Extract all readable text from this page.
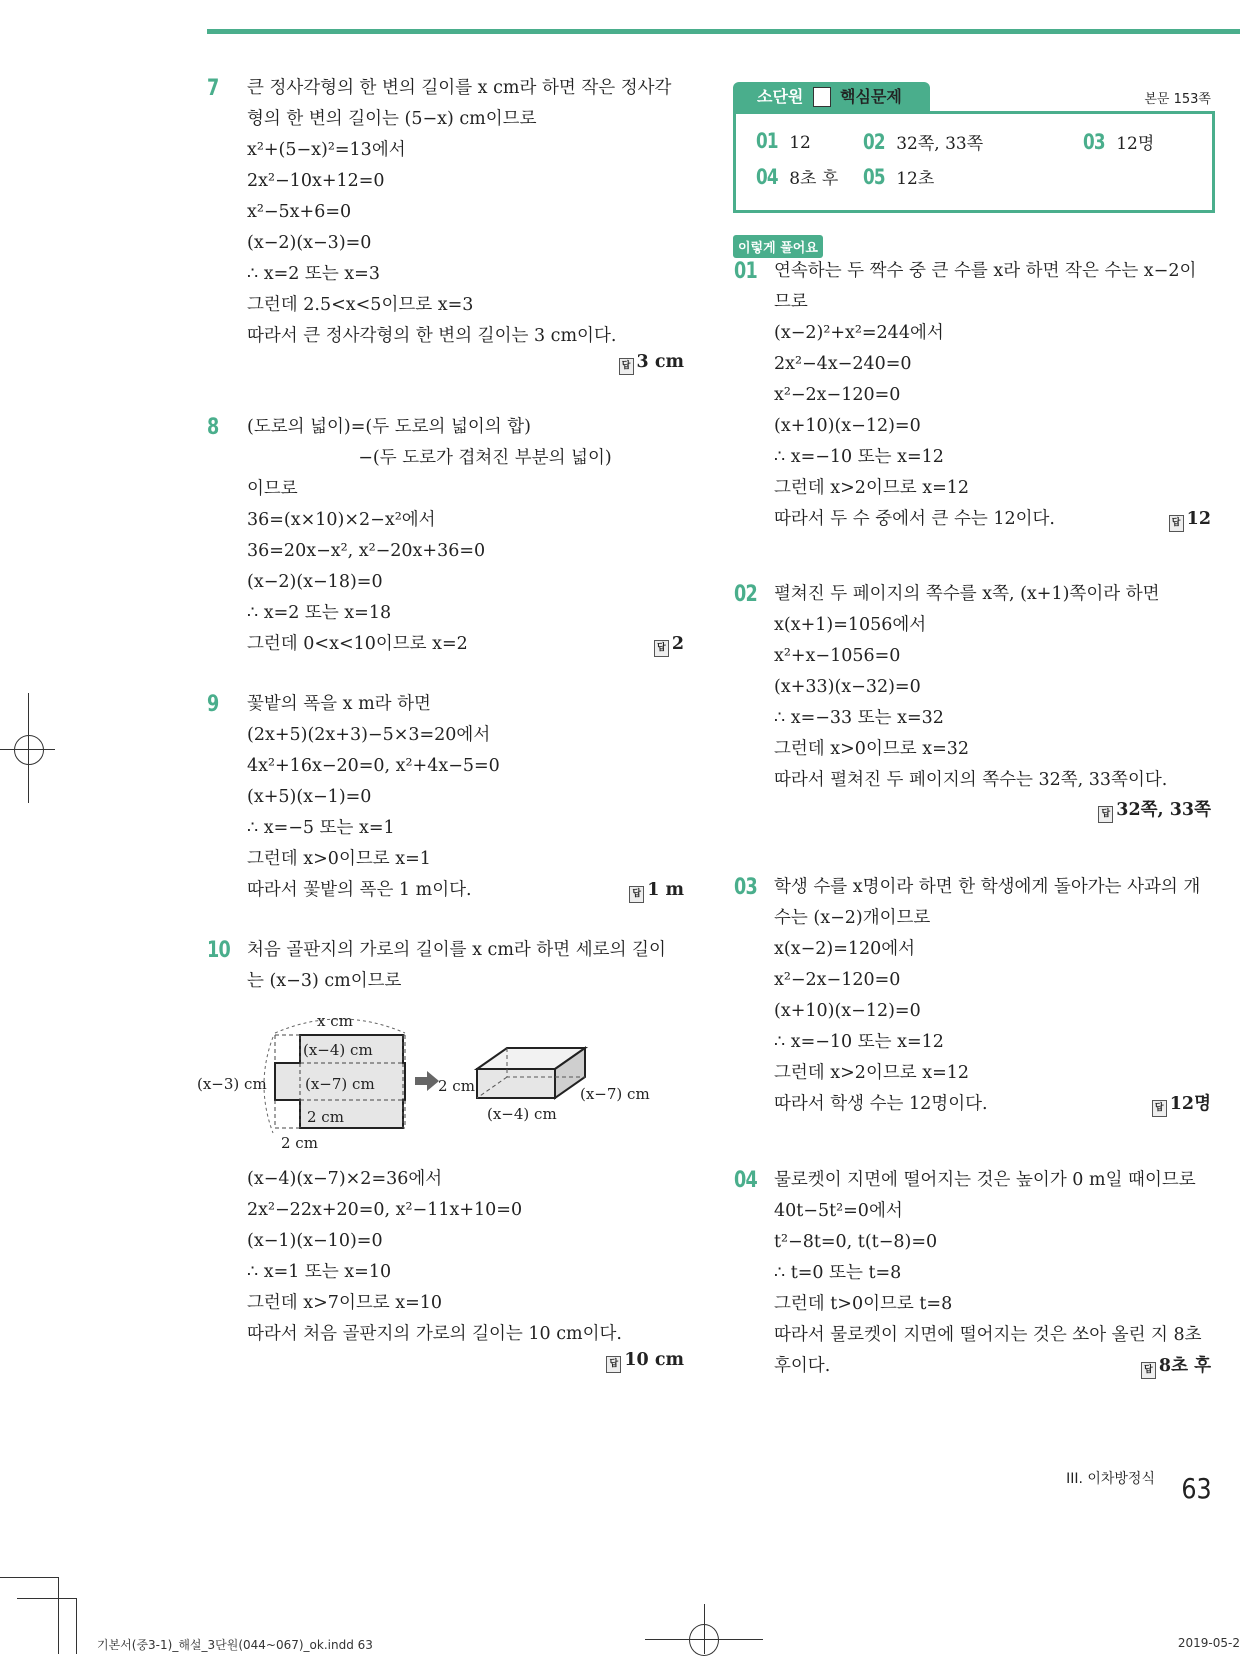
7 큰 정사각형의 한 변의 길이를 x cm라 하면 작은 정사각
형의 한 변의 길이는 (5−x) cm이므로
x²+(5−x)²=13에서
2x²−10x+12=0
x²−5x+6=0
(x−2)(x−3)=0
∴ x=2 또는 x=3
그런데 2.5<x<5이므로 x=3
따라서 큰 정사각형의 한 변의 길이는 3 cm이다.
답 3 cm
8 (도로의 넓이)=(두 도로의 넓이의 합)
−(두 도로가 겹쳐진 부분의 넓이)
이므로
36=(x×10)×2−x²에서
36=20x−x², x²−20x+36=0
(x−2)(x−18)=0
∴ x=2 또는 x=18
그런데 0<x<10이므로 x=2	답 2
9 꽃밭의 폭을 x m라 하면
(2x+5)(2x+3)−5×3=20에서
4x²+16x−20=0, x²+4x−5=0
(x+5)(x−1)=0
∴ x=−5 또는 x=1
그런데 x>0이므로 x=1
따라서 꽃밭의 폭은 1 m이다.	답 1 m
10 처음 골판지의 가로의 길이를 x cm라 하면 세로의 길이
는 (x−3) cm이므로
x cm
(x−4) cm
(x−7) cm
(x−3) cm
2 cm
2 cm
2 cm	(x−7) cm
(x−4) cm
(x−4)(x−7)×2=36에서
2x²−22x+20=0, x²−11x+10=0
(x−1)(x−10)=0
∴ x=1 또는 x=10
그런데 x>7이므로 x=10
따라서 처음 골판지의 가로의 길이는 10 cm이다.
답 10 cm
소단원 핵심문제	본문 153쪽
01 12 02 32쪽, 33쪽	03 12명
04 8초 후 05 12초
이렇게 풀어요
01 연속하는 두 짝수 중 큰 수를 x라 하면 작은 수는 x−2이
므로
(x−2)²+x²=244에서
2x²−4x−240=0
x²−2x−120=0
(x+10)(x−12)=0
∴ x=−10 또는 x=12
그런데 x>2이므로 x=12
따라서 두 수 중에서 큰 수는 12이다.	답 12
02 펼쳐진 두 페이지의 쪽수를 x쪽, (x+1)쪽이라 하면
x(x+1)=1056에서
x²+x−1056=0
(x+33)(x−32)=0
∴ x=−33 또는 x=32
그런데 x>0이므로 x=32
따라서 펼쳐진 두 페이지의 쪽수는 32쪽, 33쪽이다.
답 32쪽, 33쪽
03 학생 수를 x명이라 하면 한 학생에게 돌아가는 사과의 개
수는 (x−2)개이므로
x(x−2)=120에서
x²−2x−120=0
(x+10)(x−12)=0
∴ x=−10 또는 x=12
그런데 x>2이므로 x=12
따라서 학생 수는 12명이다.	답 12명
04 물로켓이 지면에 떨어지는 것은 높이가 0 m일 때이므로
40t−5t²=0에서
t²−8t=0, t(t−8)=0
∴ t=0 또는 t=8
그런데 t>0이므로 t=8
따라서 물로켓이 지면에 떨어지는 것은 쏘아 올린 지 8초
후이다.	답 8초 후
III. 이차방정식 63
기본서(중3-1)_해설_3단원(044~067)_ok.indd 63	2019-05-2
